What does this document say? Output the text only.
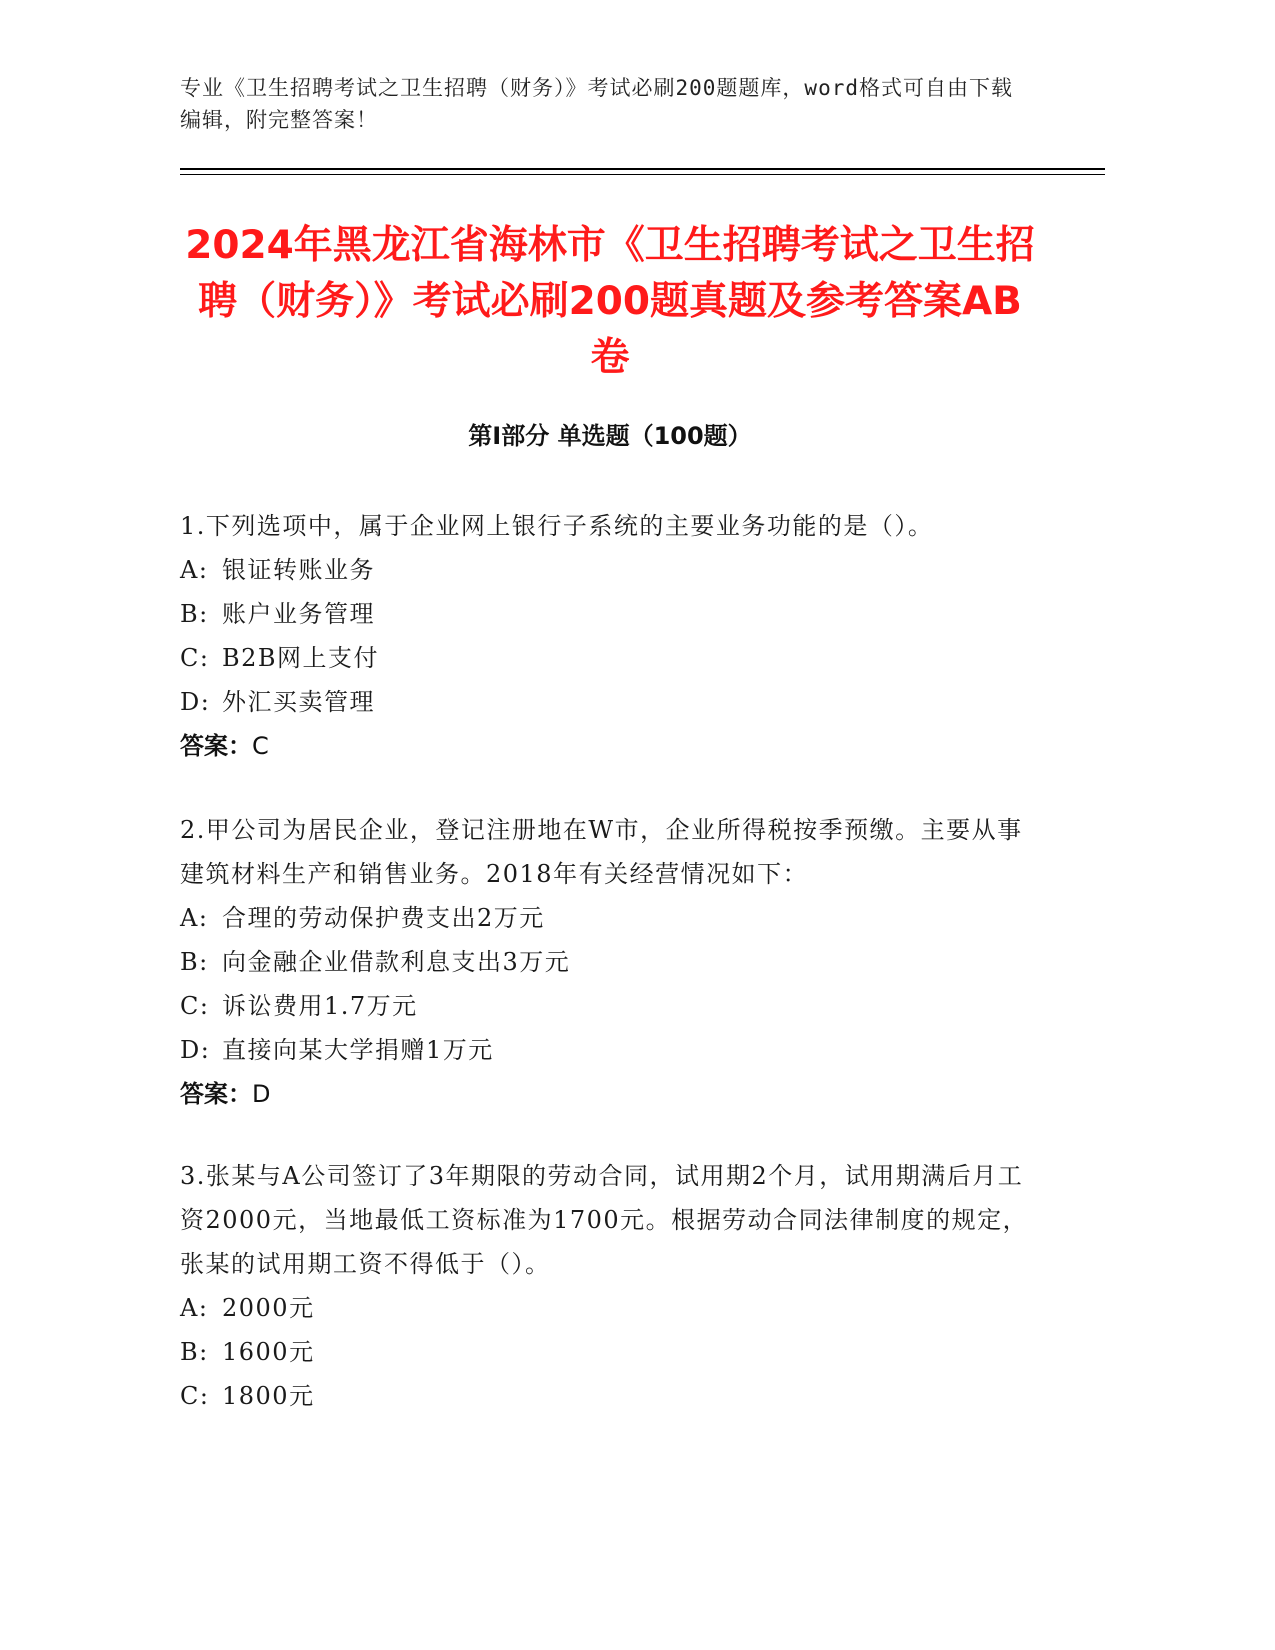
专业《卫生招聘考试之卫生招聘（财务）》考试必刷200题题库，word格式可自由下载编辑，附完整答案！
2024年黑龙江省海林市《卫生招聘考试之卫生招聘（财务）》考试必刷200题真题及参考答案AB卷
第I部分 单选题（100题）
1.下列选项中，属于企业网上银行子系统的主要业务功能的是（）。
A: 银证转账业务
B: 账户业务管理
C: B2B网上支付
D: 外汇买卖管理
答案：C
2.甲公司为居民企业，登记注册地在W市，企业所得税按季预缴。主要从事建筑材料生产和销售业务。2018年有关经营情况如下：
A: 合理的劳动保护费支出2万元
B: 向金融企业借款利息支出3万元
C: 诉讼费用1.7万元
D: 直接向某大学捐赠1万元
答案：D
3.张某与A公司签订了3年期限的劳动合同，试用期2个月，试用期满后月工资2000元，当地最低工资标准为1700元。根据劳动合同法律制度的规定，张某的试用期工资不得低于（）。
A: 2000元
B: 1600元
C: 1800元
